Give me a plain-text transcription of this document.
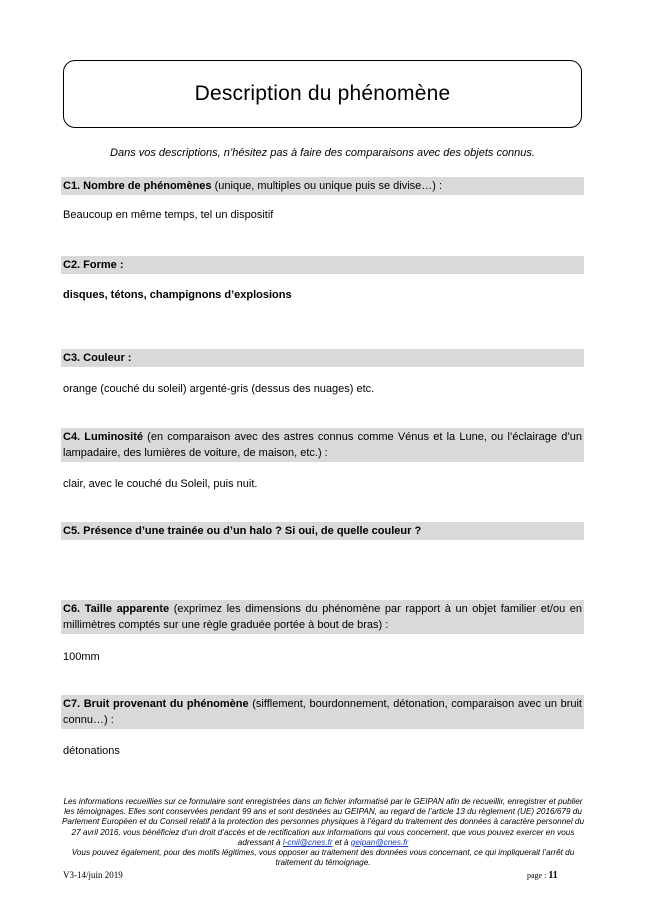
Description du phénomène
Dans vos descriptions, n’hésitez pas à faire des comparaisons avec des objets connus.
C1. Nombre de phénomènes (unique, multiples ou unique puis se divise…) :
Beaucoup en même temps, tel un dispositif
C2. Forme :
disques, tétons, champignons d’explosions
C3. Couleur :
orange (couché du soleil) argenté-gris (dessus des nuages) etc.
C4. Luminosité (en comparaison avec des astres connus comme Vénus et la Lune, ou l’éclairage d’un lampadaire, des lumières de voiture, de maison, etc.) :
clair, avec le couché du Soleil, puis nuit.
C5. Présence d’une trainée ou d’un halo ? Si oui, de quelle couleur ?
C6. Taille apparente (exprimez les dimensions du phénomène par rapport à un objet familier et/ou en millimètres comptés sur une règle graduée portée à bout de bras) :
100mm
C7. Bruit provenant du phénomène (sifflement, bourdonnement, détonation, comparaison avec un bruit connu…) :
détonations
Les informations recueillies sur ce formulaire sont enregistrées dans un fichier informatisé par le GEIPAN afin de recueillir, enregistrer et publier les témoignages. Elles sont conservées pendant 99 ans et sont destinées au GEIPAN, au regard de l’article 13 du règlement (UE) 2016/679 du Parlement Européen et du Conseil relatif à la protection des personnes physiques à l’égard du traitement des données à caractère personnel du 27 avril 2016, vous bénéficiez d’un droit d’accès et de rectification aux informations qui vous concernent, que vous pouvez exercer en vous adressant à l-cnil@cnes.fr et à geipan@cnes.fr
Vous pouvez également, pour des motifs légitimes, vous opposer au traitement des données vous concernant, ce qui impliquerait l’arrêt du traitement du témoignage.
V3-14/juin 2019	page : 11
